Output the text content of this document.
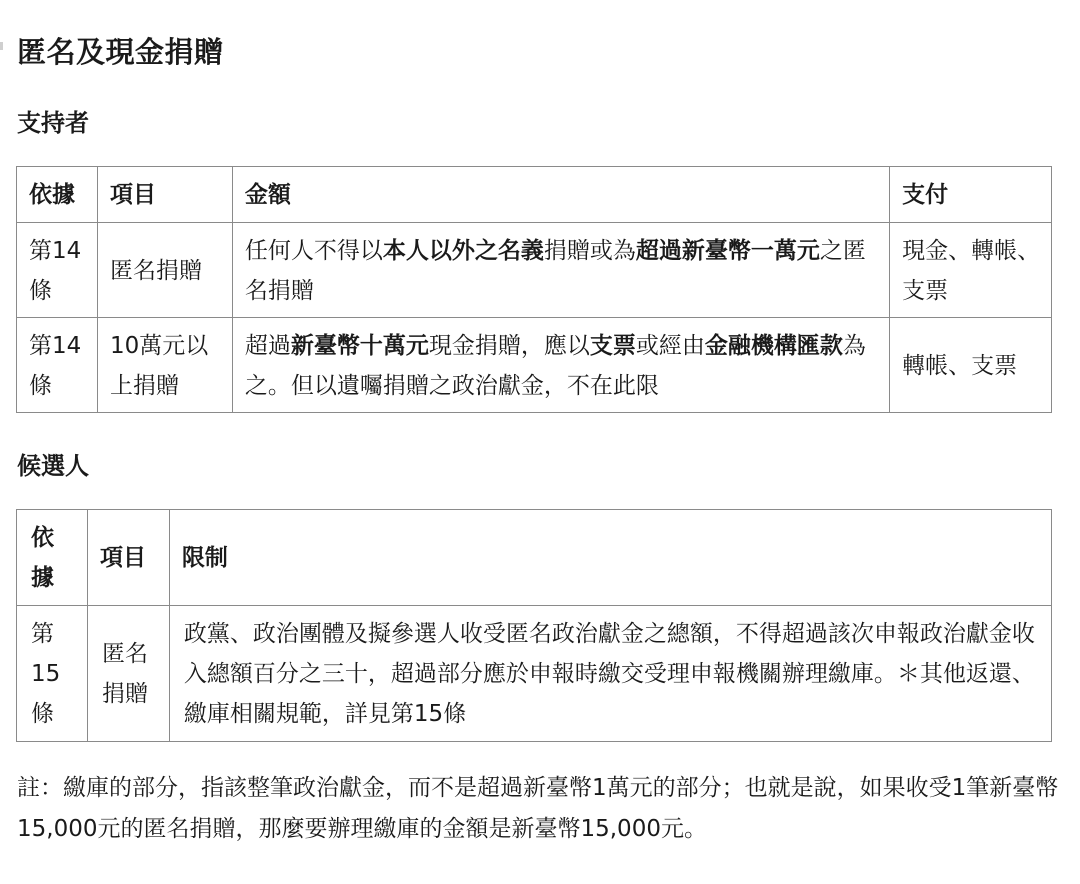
匿名及現金捐贈
支持者
依據	項目	金額	支付
第14條	匿名捐贈	任何人不得以本人以外之名義捐贈或為超過新臺幣一萬元之匿名捐贈	現金、轉帳、支票
第14條	10萬元以上捐贈	超過新臺幣十萬元現金捐贈，應以支票或經由金融機構匯款為之。但以遺囑捐贈之政治獻金，不在此限	轉帳、支票
候選人
依據	項目	限制
第15條	匿名捐贈	政黨、政治團體及擬參選人收受匿名政治獻金之總額，不得超過該次申報政治獻金收入總額百分之三十，超過部分應於申報時繳交受理申報機關辦理繳庫。＊其他返還、繳庫相關規範，詳見第15條
註：繳庫的部分，指該整筆政治獻金，而不是超過新臺幣1萬元的部分；也就是說，如果收受1筆新臺幣15,000元的匿名捐贈，那麼要辦理繳庫的金額是新臺幣15,000元。
